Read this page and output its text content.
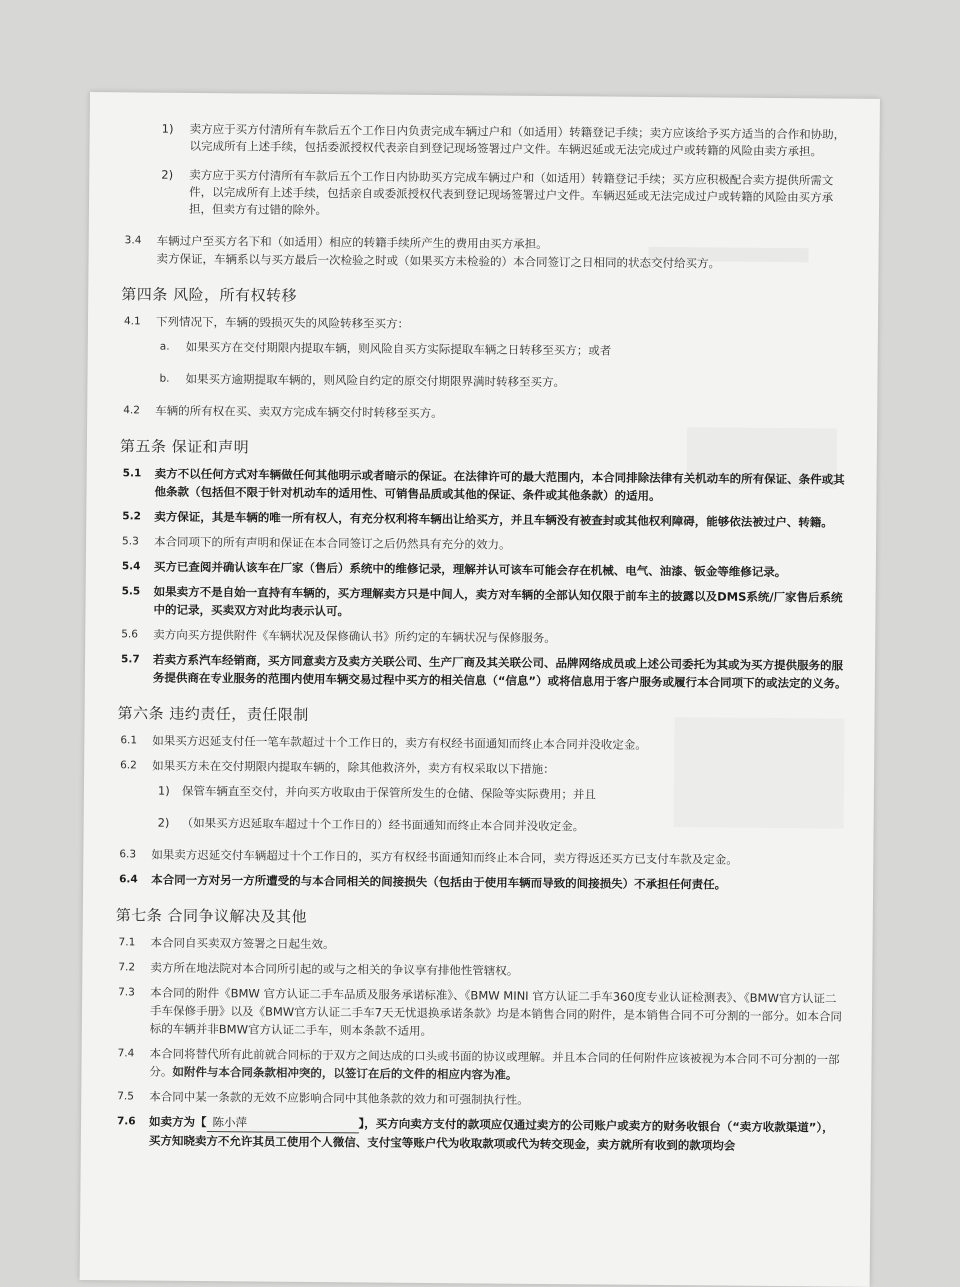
1) 卖方应于买方付清所有车款后五个工作日内负责完成车辆过户和（如适用）转籍登记手续；卖方应该给予买方适当的合作和协助，以完成所有上述手续，包括委派授权代表亲自到登记现场签署过户文件。车辆迟延或无法完成过户或转籍的风险由卖方承担。
2) 卖方应于买方付清所有车款后五个工作日内协助买方完成车辆过户和（如适用）转籍登记手续；买方应积极配合卖方提供所需文件，以完成所有上述手续，包括亲自或委派授权代表到登记现场签署过户文件。车辆迟延或无法完成过户或转籍的风险由买方承担，但卖方有过错的除外。
3.4 车辆过户至买方名下和（如适用）相应的转籍手续所产生的费用由买方承担。
卖方保证，车辆系以与买方最后一次检验之时或（如果买方未检验的）本合同签订之日相同的状态交付给买方。
第四条 风险，所有权转移
4.1 下列情况下，车辆的毁损灭失的风险转移至买方：
a. 如果买方在交付期限内提取车辆，则风险自买方实际提取车辆之日转移至买方；或者
b. 如果买方逾期提取车辆的，则风险自约定的原交付期限界满时转移至买方。
4.2 车辆的所有权在买、卖双方完成车辆交付时转移至买方。
第五条 保证和声明
5.1 卖方不以任何方式对车辆做任何其他明示或者暗示的保证。在法律许可的最大范围内，本合同排除法律有关机动车的所有保证、条件或其他条款（包括但不限于针对机动车的适用性、可销售品质或其他的保证、条件或其他条款）的适用。
5.2 卖方保证，其是车辆的唯一所有权人，有充分权利将车辆出让给买方，并且车辆没有被查封或其他权利障碍，能够依法被过户、转籍。
5.3 本合同项下的所有声明和保证在本合同签订之后仍然具有充分的效力。
5.4 买方已查阅并确认该车在厂家（售后）系统中的维修记录，理解并认可该车可能会存在机械、电气、油漆、钣金等维修记录。
5.5 如果卖方不是自始一直持有车辆的，买方理解卖方只是中间人，卖方对车辆的全部认知仅限于前车主的披露以及DMS系统/厂家售后系统中的记录，买卖双方对此均表示认可。
5.6 卖方向买方提供附件《车辆状况及保修确认书》所约定的车辆状况与保修服务。
5.7 若卖方系汽车经销商，买方同意卖方及卖方关联公司、生产厂商及其关联公司、品牌网络成员或上述公司委托为其或为买方提供服务的服务提供商在专业服务的范围内使用车辆交易过程中买方的相关信息（“信息”）或将信息用于客户服务或履行本合同项下的或法定的义务。
第六条 违约责任，责任限制
6.1 如果买方迟延支付任一笔车款超过十个工作日的，卖方有权经书面通知而终止本合同并没收定金。
6.2 如果买方未在交付期限内提取车辆的，除其他救济外，卖方有权采取以下措施：
1) 保管车辆直至交付，并向买方收取由于保管所发生的仓储、保险等实际费用；并且
2) （如果买方迟延取车超过十个工作日的）经书面通知而终止本合同并没收定金。
6.3 如果卖方迟延交付车辆超过十个工作日的，买方有权经书面通知而终止本合同，卖方得返还买方已支付车款及定金。
6.4 本合同一方对另一方所遭受的与本合同相关的间接损失（包括由于使用车辆而导致的间接损失）不承担任何责任。
第七条 合同争议解决及其他
7.1 本合同自买卖双方签署之日起生效。
7.2 卖方所在地法院对本合同所引起的或与之相关的争议享有排他性管辖权。
7.3 本合同的附件《BMW 官方认证二手车品质及服务承诺标准》、《BMW MINI 官方认证二手车360度专业认证检测表》、《BMW官方认证二手车保修手册》以及《BMW官方认证二手车7天无忧退换承诺条款》均是本销售合同的附件，是本销售合同不可分割的一部分。如本合同标的车辆并非BMW官方认证二手车，则本条款不适用。
7.4 本合同将替代所有此前就合同标的于双方之间达成的口头或书面的协议或理解。并且本合同的任何附件应该被视为本合同不可分割的一部分。如附件与本合同条款相冲突的，以签订在后的文件的相应内容为准。
7.5 本合同中某一条款的无效不应影响合同中其他条款的效力和可强制执行性。
7.6 如卖方为【 陈小萍	】，买方向卖方支付的款项应仅通过卖方的公司账户或卖方的财务收银台（“卖方收款渠道”），买方知晓卖方不允许其员工使用个人微信、支付宝等账户代为收取款项或代为转交现金，卖方就所有收到的款项均会
